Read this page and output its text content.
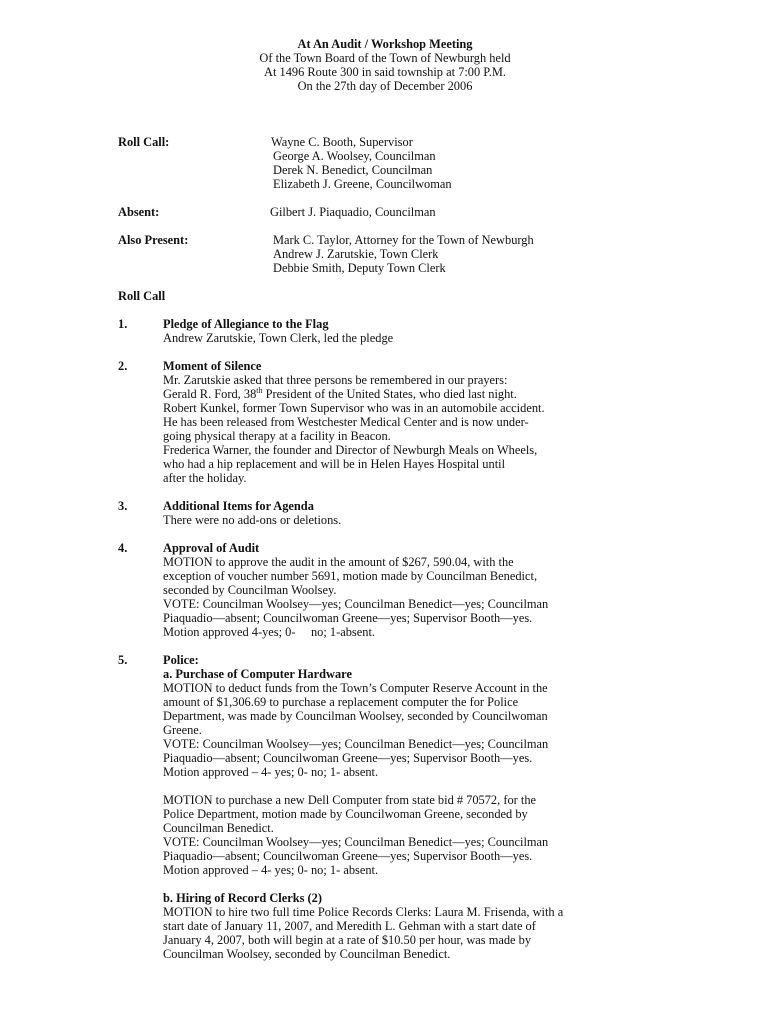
At An Audit / Workshop Meeting
Of the Town Board of the Town of Newburgh held
At 1496 Route 300 in said township at 7:00 P.M.
On the 27th day of December 2006
Roll Call:	Wayne C. Booth, Supervisor
George A. Woolsey, Councilman
Derek N. Benedict, Councilman
Elizabeth J. Greene, Councilwoman
Absent:	Gilbert J. Piaquadio, Councilman
Also Present:	Mark C. Taylor, Attorney for the Town of Newburgh
Andrew J. Zarutskie, Town Clerk
Debbie Smith, Deputy Town Clerk
Roll Call
1.	Pledge of Allegiance to the Flag
Andrew Zarutskie, Town Clerk, led the pledge
2.	Moment of Silence
Mr. Zarutskie asked that three persons be remembered in our prayers:
Gerald R. Ford, 38th President of the United States, who died last night.
Robert Kunkel, former Town Supervisor who was in an automobile accident.
He has been released from Westchester Medical Center and is now under-
going physical therapy at a facility in Beacon.
Frederica Warner, the founder and Director of Newburgh Meals on Wheels,
who had a hip replacement and will be in Helen Hayes Hospital until
after the holiday.
3.	Additional Items for Agenda
There were no add-ons or deletions.
4.	Approval of Audit
MOTION to approve the audit in the amount of $267, 590.04, with the
exception of voucher number 5691, motion made by Councilman Benedict,
seconded by Councilman Woolsey.
VOTE: Councilman Woolsey—yes; Councilman Benedict—yes; Councilman
Piaquadio—absent; Councilwoman Greene—yes; Supervisor Booth—yes.
Motion approved 4-yes; 0-     no; 1-absent.
5.	Police:
a. Purchase of Computer Hardware
MOTION to deduct funds from the Town’s Computer Reserve Account in the
amount of $1,306.69 to purchase a replacement computer the for Police
Department, was made by Councilman Woolsey, seconded by Councilwoman
Greene.
VOTE: Councilman Woolsey—yes; Councilman Benedict—yes; Councilman
Piaquadio—absent; Councilwoman Greene—yes; Supervisor Booth—yes.
Motion approved – 4- yes; 0- no; 1- absent.
MOTION to purchase a new Dell Computer from state bid # 70572, for the
Police Department, motion made by Councilwoman Greene, seconded by
Councilman Benedict.
VOTE: Councilman Woolsey—yes; Councilman Benedict—yes; Councilman
Piaquadio—absent; Councilwoman Greene—yes; Supervisor Booth—yes.
Motion approved – 4- yes; 0- no; 1- absent.
b. Hiring of Record Clerks (2)
MOTION to hire two full time Police Records Clerks: Laura M. Frisenda, with a
start date of January 11, 2007, and Meredith L. Gehman with a start date of
January 4, 2007, both will begin at a rate of $10.50 per hour, was made by
Councilman Woolsey, seconded by Councilman Benedict.
